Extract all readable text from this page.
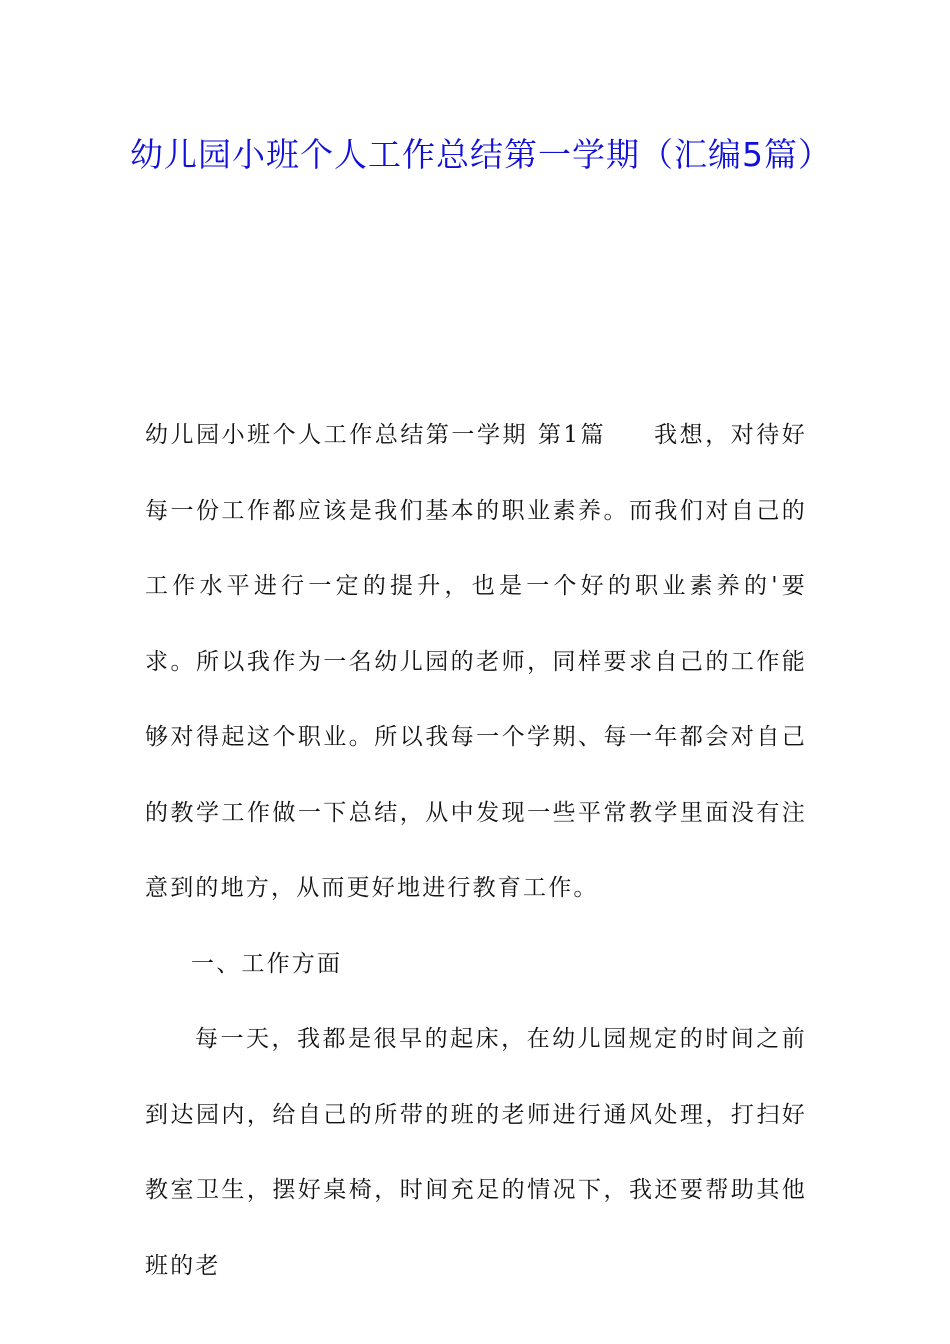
幼儿园小班个人工作总结第一学期（汇编5篇）

幼儿园小班个人工作总结第一学期 第1篇 我想，对待好每一份工作都应该是我们基本的职业素养。而我们对自己的工作水平进行一定的提升，也是一个好的职业素养的'要求。所以我作为一名幼儿园的老师，同样要求自己的工作能够对得起这个职业。所以我每一个学期、每一年都会对自己的教学工作做一下总结，从中发现一些平常教学里面没有注意到的地方，从而更好地进行教育工作。

一、工作方面

每一天，我都是很早的起床，在幼儿园规定的时间之前到达园内，给自己的所带的班的老师进行通风处理，打扫好教室卫生，摆好桌椅，时间充足的情况下，我还要帮助其他班的老
